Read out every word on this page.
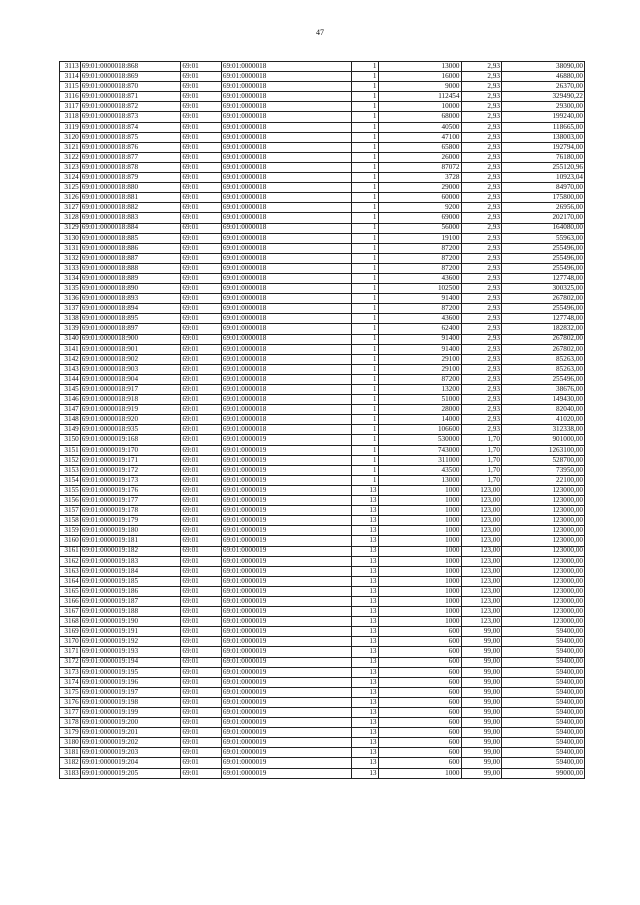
47
3113	69:01:0000018:868	69:01	69:01:0000018	1	13000	2,93	38090,00
3114	69:01:0000018:869	69:01	69:01:0000018	1	16000	2,93	46880,00
3115	69:01:0000018:870	69:01	69:01:0000018	1	9000	2,93	26370,00
3116	69:01:0000018:871	69:01	69:01:0000018	1	112454	2,93	329490,22
3117	69:01:0000018:872	69:01	69:01:0000018	1	10000	2,93	29300,00
3118	69:01:0000018:873	69:01	69:01:0000018	1	68000	2,93	199240,00
3119	69:01:0000018:874	69:01	69:01:0000018	1	40500	2,93	118665,00
3120	69:01:0000018:875	69:01	69:01:0000018	1	47100	2,93	138003,00
3121	69:01:0000018:876	69:01	69:01:0000018	1	65800	2,93	192794,00
3122	69:01:0000018:877	69:01	69:01:0000018	1	26000	2,93	76180,00
3123	69:01:0000018:878	69:01	69:01:0000018	1	87072	2,93	255120,96
3124	69:01:0000018:879	69:01	69:01:0000018	1	3728	2,93	10923,04
3125	69:01:0000018:880	69:01	69:01:0000018	1	29000	2,93	84970,00
3126	69:01:0000018:881	69:01	69:01:0000018	1	60000	2,93	175800,00
3127	69:01:0000018:882	69:01	69:01:0000018	1	9200	2,93	26956,00
3128	69:01:0000018:883	69:01	69:01:0000018	1	69000	2,93	202170,00
3129	69:01:0000018:884	69:01	69:01:0000018	1	56000	2,93	164080,00
3130	69:01:0000018:885	69:01	69:01:0000018	1	19100	2,93	55963,00
3131	69:01:0000018:886	69:01	69:01:0000018	1	87200	2,93	255496,00
3132	69:01:0000018:887	69:01	69:01:0000018	1	87200	2,93	255496,00
3133	69:01:0000018:888	69:01	69:01:0000018	1	87200	2,93	255496,00
3134	69:01:0000018:889	69:01	69:01:0000018	1	43600	2,93	127748,00
3135	69:01:0000018:890	69:01	69:01:0000018	1	102500	2,93	300325,00
3136	69:01:0000018:893	69:01	69:01:0000018	1	91400	2,93	267802,00
3137	69:01:0000018:894	69:01	69:01:0000018	1	87200	2,93	255496,00
3138	69:01:0000018:895	69:01	69:01:0000018	1	43600	2,93	127748,00
3139	69:01:0000018:897	69:01	69:01:0000018	1	62400	2,93	182832,00
3140	69:01:0000018:900	69:01	69:01:0000018	1	91400	2,93	267802,00
3141	69:01:0000018:901	69:01	69:01:0000018	1	91400	2,93	267802,00
3142	69:01:0000018:902	69:01	69:01:0000018	1	29100	2,93	85263,00
3143	69:01:0000018:903	69:01	69:01:0000018	1	29100	2,93	85263,00
3144	69:01:0000018:904	69:01	69:01:0000018	1	87200	2,93	255496,00
3145	69:01:0000018:917	69:01	69:01:0000018	1	13200	2,93	38676,00
3146	69:01:0000018:918	69:01	69:01:0000018	1	51000	2,93	149430,00
3147	69:01:0000018:919	69:01	69:01:0000018	1	28000	2,93	82040,00
3148	69:01:0000018:920	69:01	69:01:0000018	1	14000	2,93	41020,00
3149	69:01:0000018:935	69:01	69:01:0000018	1	106600	2,93	312338,00
3150	69:01:0000019:168	69:01	69:01:0000019	1	530000	1,70	901000,00
3151	69:01:0000019:170	69:01	69:01:0000019	1	743000	1,70	1263100,00
3152	69:01:0000019:171	69:01	69:01:0000019	1	311000	1,70	528700,00
3153	69:01:0000019:172	69:01	69:01:0000019	1	43500	1,70	73950,00
3154	69:01:0000019:173	69:01	69:01:0000019	1	13000	1,70	22100,00
3155	69:01:0000019:176	69:01	69:01:0000019	13	1000	123,00	123000,00
3156	69:01:0000019:177	69:01	69:01:0000019	13	1000	123,00	123000,00
3157	69:01:0000019:178	69:01	69:01:0000019	13	1000	123,00	123000,00
3158	69:01:0000019:179	69:01	69:01:0000019	13	1000	123,00	123000,00
3159	69:01:0000019:180	69:01	69:01:0000019	13	1000	123,00	123000,00
3160	69:01:0000019:181	69:01	69:01:0000019	13	1000	123,00	123000,00
3161	69:01:0000019:182	69:01	69:01:0000019	13	1000	123,00	123000,00
3162	69:01:0000019:183	69:01	69:01:0000019	13	1000	123,00	123000,00
3163	69:01:0000019:184	69:01	69:01:0000019	13	1000	123,00	123000,00
3164	69:01:0000019:185	69:01	69:01:0000019	13	1000	123,00	123000,00
3165	69:01:0000019:186	69:01	69:01:0000019	13	1000	123,00	123000,00
3166	69:01:0000019:187	69:01	69:01:0000019	13	1000	123,00	123000,00
3167	69:01:0000019:188	69:01	69:01:0000019	13	1000	123,00	123000,00
3168	69:01:0000019:190	69:01	69:01:0000019	13	1000	123,00	123000,00
3169	69:01:0000019:191	69:01	69:01:0000019	13	600	99,00	59400,00
3170	69:01:0000019:192	69:01	69:01:0000019	13	600	99,00	59400,00
3171	69:01:0000019:193	69:01	69:01:0000019	13	600	99,00	59400,00
3172	69:01:0000019:194	69:01	69:01:0000019	13	600	99,00	59400,00
3173	69:01:0000019:195	69:01	69:01:0000019	13	600	99,00	59400,00
3174	69:01:0000019:196	69:01	69:01:0000019	13	600	99,00	59400,00
3175	69:01:0000019:197	69:01	69:01:0000019	13	600	99,00	59400,00
3176	69:01:0000019:198	69:01	69:01:0000019	13	600	99,00	59400,00
3177	69:01:0000019:199	69:01	69:01:0000019	13	600	99,00	59400,00
3178	69:01:0000019:200	69:01	69:01:0000019	13	600	99,00	59400,00
3179	69:01:0000019:201	69:01	69:01:0000019	13	600	99,00	59400,00
3180	69:01:0000019:202	69:01	69:01:0000019	13	600	99,00	59400,00
3181	69:01:0000019:203	69:01	69:01:0000019	13	600	99,00	59400,00
3182	69:01:0000019:204	69:01	69:01:0000019	13	600	99,00	59400,00
3183	69:01:0000019:205	69:01	69:01:0000019	13	1000	99,00	99000,00
